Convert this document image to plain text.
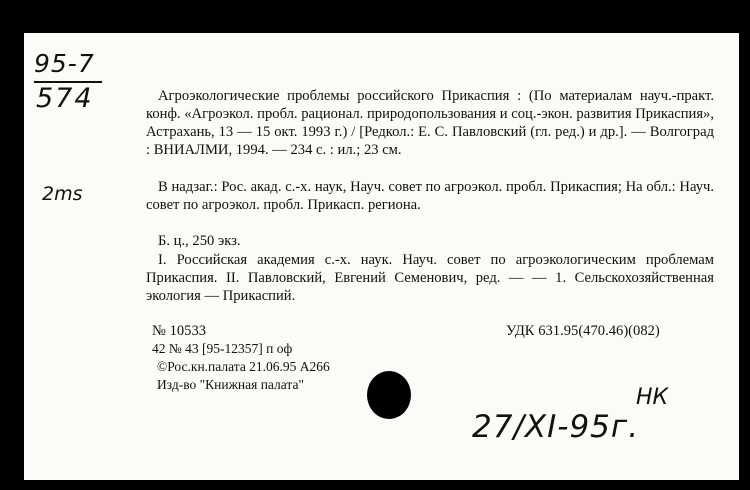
95-7
574
2ms

Агроэкологические проблемы российского Прикаспия : (По материалам науч.-практ. конф. «Агроэкол. пробл. рационал. природопользования и соц.-экон. развития Прикаспия», Астрахань, 13 — 15 окт. 1993 г.) / [Редкол.: Е. С. Павловский (гл. ред.) и др.]. — Волгоград : ВНИАЛМИ, 1994. — 234 с. : ил.; 23 см.

В надзаг.: Рос. акад. с.-х. наук, Науч. совет по агроэкол. пробл. Прикаспия; На обл.: Науч. совет по агроэкол. пробл. Прикасп. региона.

Б. ц., 250 экз.

I. Российская академия с.-х. наук. Науч. совет по агроэкологическим проблемам Прикаспия. II. Павловский, Евгений Семенович, ред. — — 1. Сельскохозяйственная экология — Прикаспий.

№ 10533	УДК 631.95(470.46)(082)
42 № 43 [95-12357] п оф
©Рос.кн.палата 21.06.95 А266
Изд-во "Книжная палата"
НК
27/XI-95г.
